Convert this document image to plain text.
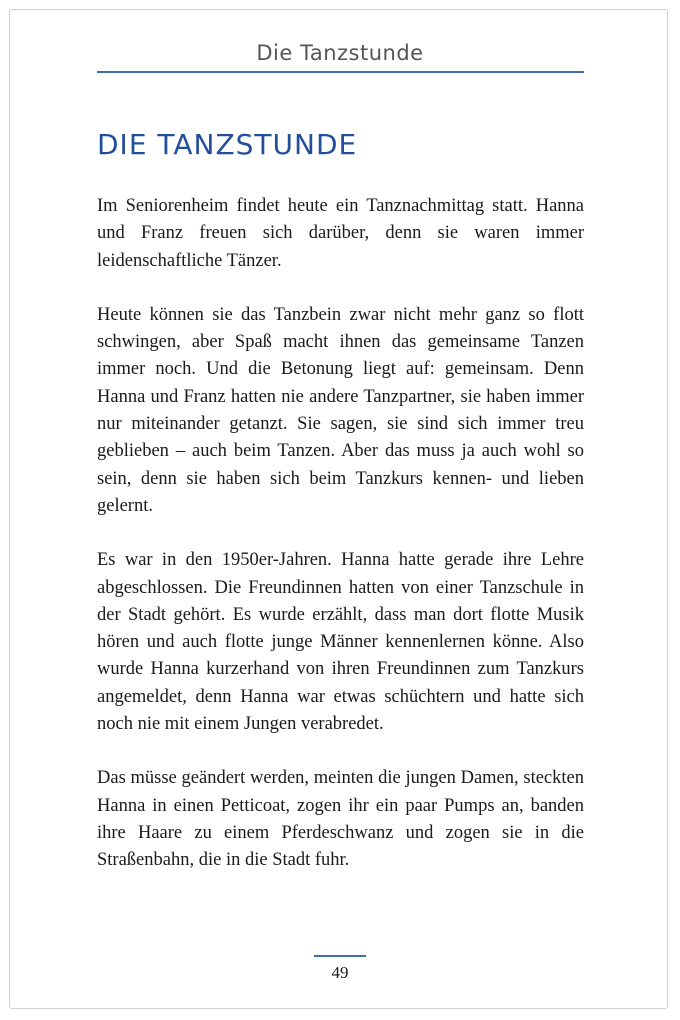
Die Tanzstunde
DIE TANZSTUNDE

Im Seniorenheim findet heute ein Tanznachmittag statt. Hanna und Franz freuen sich darüber, denn sie waren immer leidenschaftliche Tänzer.

Heute können sie das Tanzbein zwar nicht mehr ganz so flott schwingen, aber Spaß macht ihnen das gemeinsame Tanzen immer noch. Und die Betonung liegt auf: gemeinsam. Denn Hanna und Franz hatten nie andere Tanzpartner, sie haben immer nur miteinander getanzt. Sie sagen, sie sind sich immer treu geblieben – auch beim Tanzen. Aber das muss ja auch wohl so sein, denn sie haben sich beim Tanzkurs kennen- und lieben gelernt.

Es war in den 1950er-Jahren. Hanna hatte gerade ihre Lehre abgeschlossen. Die Freundinnen hatten von einer Tanzschule in der Stadt gehört. Es wurde erzählt, dass man dort flotte Musik hören und auch flotte junge Männer kennenlernen könne. Also wurde Hanna kurzerhand von ihren Freundinnen zum Tanzkurs angemeldet, denn Hanna war etwas schüchtern und hatte sich noch nie mit einem Jungen verabredet.

Das müsse geändert werden, meinten die jungen Damen, steckten Hanna in einen Petticoat, zogen ihr ein paar Pumps an, banden ihre Haare zu einem Pferdeschwanz und zogen sie in die Straßenbahn, die in die Stadt fuhr.

49
